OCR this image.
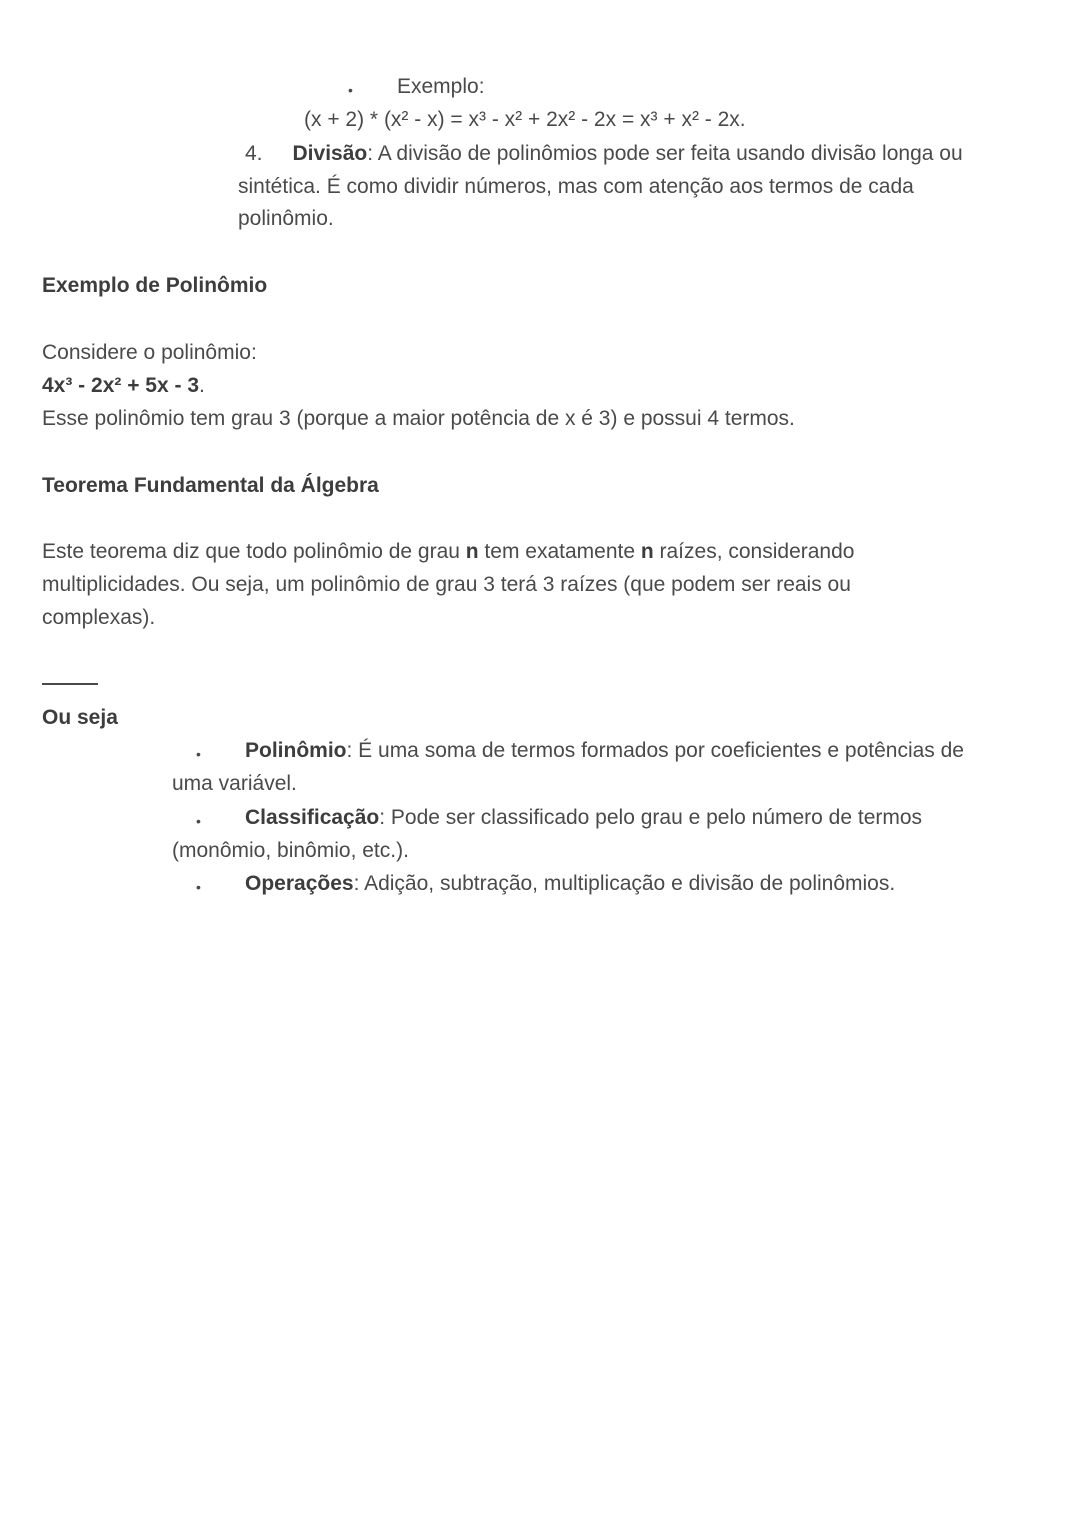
• Exemplo:

(x + 2) * (x² - x) = x³ - x² + 2x² - 2x = x³ + x² - 2x.

4. Divisão: A divisão de polinômios pode ser feita usando divisão longa ou

sintética. É como dividir números, mas com atenção aos termos de cada

polinômio.

Exemplo de Polinômio

Considere o polinômio:

4x³ - 2x² + 5x - 3.

Esse polinômio tem grau 3 (porque a maior potência de x é 3) e possui 4 termos.

Teorema Fundamental da Álgebra

Este teorema diz que todo polinômio de grau n tem exatamente n raízes, considerando

multiplicidades. Ou seja, um polinômio de grau 3 terá 3 raízes (que podem ser reais ou

complexas).

Ou seja

• Polinômio: É uma soma de termos formados por coeficientes e potências de

uma variável.

• Classificação: Pode ser classificado pelo grau e pelo número de termos

(monômio, binômio, etc.).

• Operações: Adição, subtração, multiplicação e divisão de polinômios.
